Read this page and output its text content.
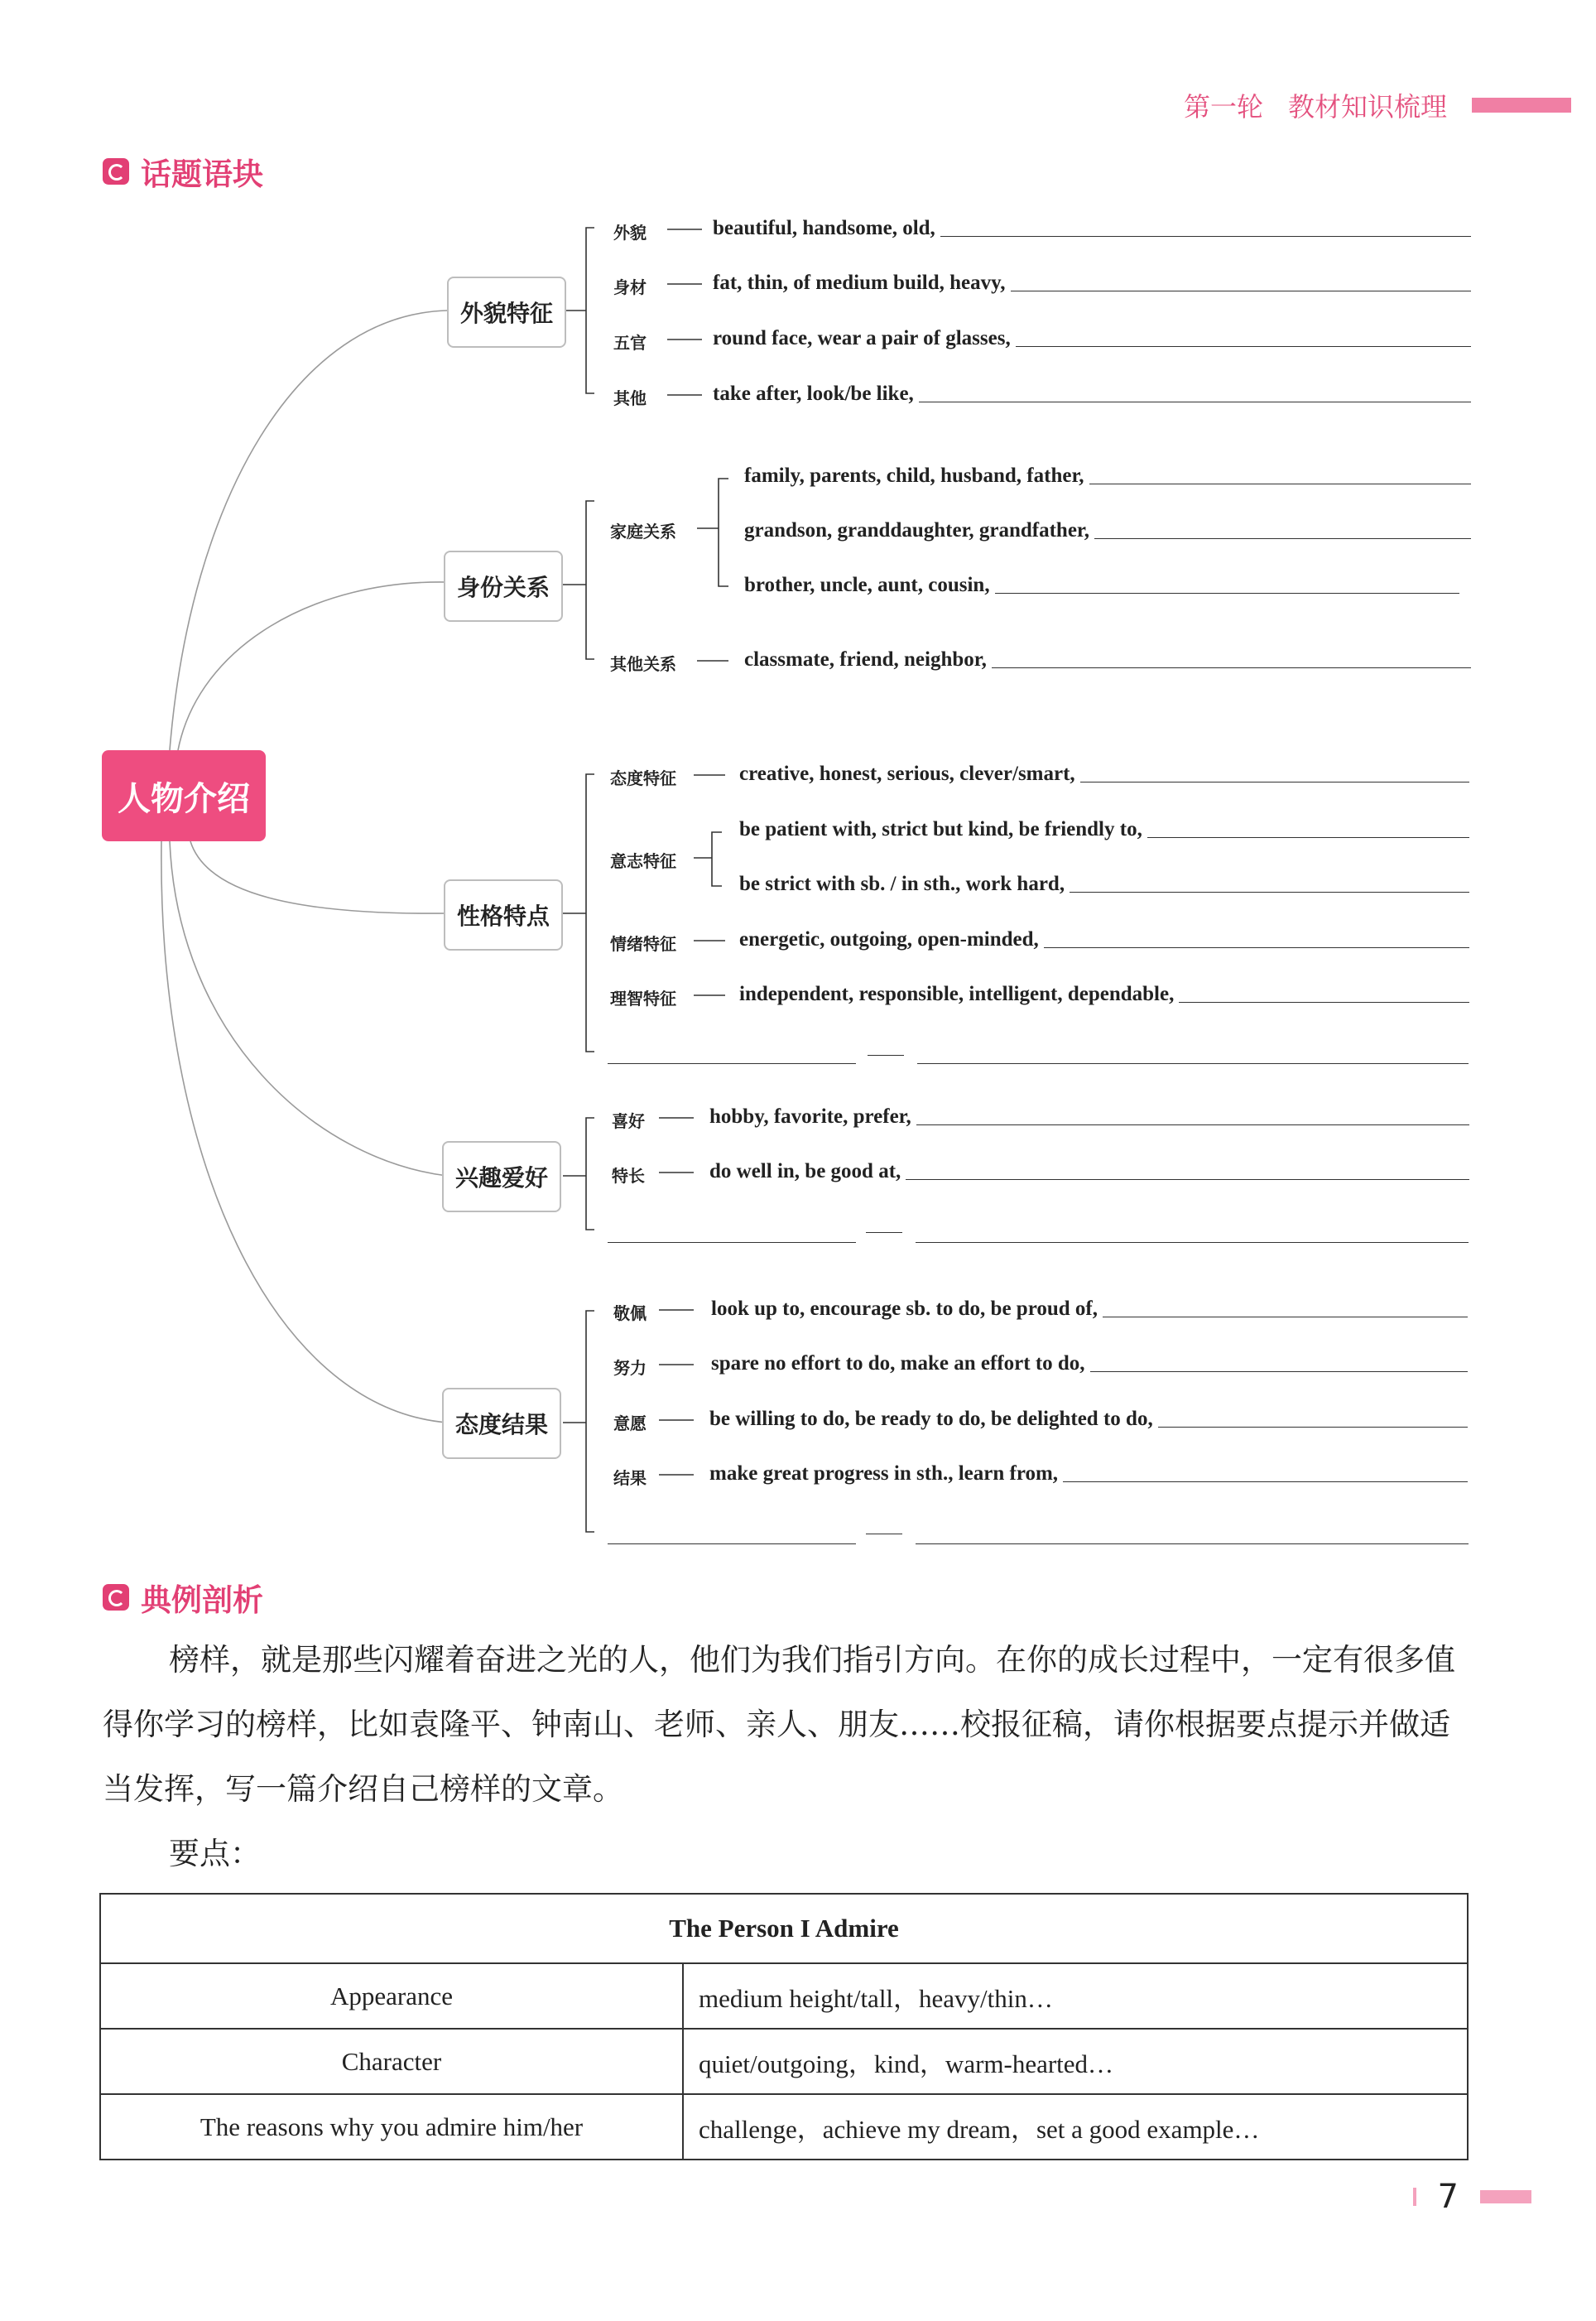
第一轮 教材知识梳理
话题语块
人物介绍
外貌特征
身份关系
性格特点
兴趣爱好
态度结果
外貌
身材
五官
其他
beautiful, handsome, old,
fat, thin, of medium build, heavy,
round face, wear a pair of glasses,
take after, look/be like,
家庭关系
其他关系
family, parents, child, husband, father,
grandson, granddaughter, grandfather,
brother, uncle, aunt, cousin,
classmate, friend, neighbor,
态度特征
意志特征
情绪特征
理智特征
creative, honest, serious, clever/smart,
be patient with, strict but kind, be friendly to,
be strict with sb. / in sth., work hard,
energetic, outgoing, open-minded,
independent, responsible, intelligent, dependable,
喜好
特长
hobby, favorite, prefer,
do well in, be good at,
敬佩
努力
意愿
结果
look up to, encourage sb. to do, be proud of,
spare no effort to do, make an effort to do,
be willing to do, be ready to do, be delighted to do,
make great progress in sth., learn from,
典例剖析

榜样，就是那些闪耀着奋进之光的人，他们为我们指引方向。在你的成长过程中，一定有很多值得你学习的榜样，比如袁隆平、钟南山、老师、亲人、朋友……校报征稿，请你根据要点提示并做适当发挥，写一篇介绍自己榜样的文章。

要点：

The Person I Admire	
Appearance	medium height/tall，heavy/thin…
Character	quiet/outgoing，kind，warm-hearted…
The reasons why you admire him/her	challenge，achieve my dream，set a good example…
7
